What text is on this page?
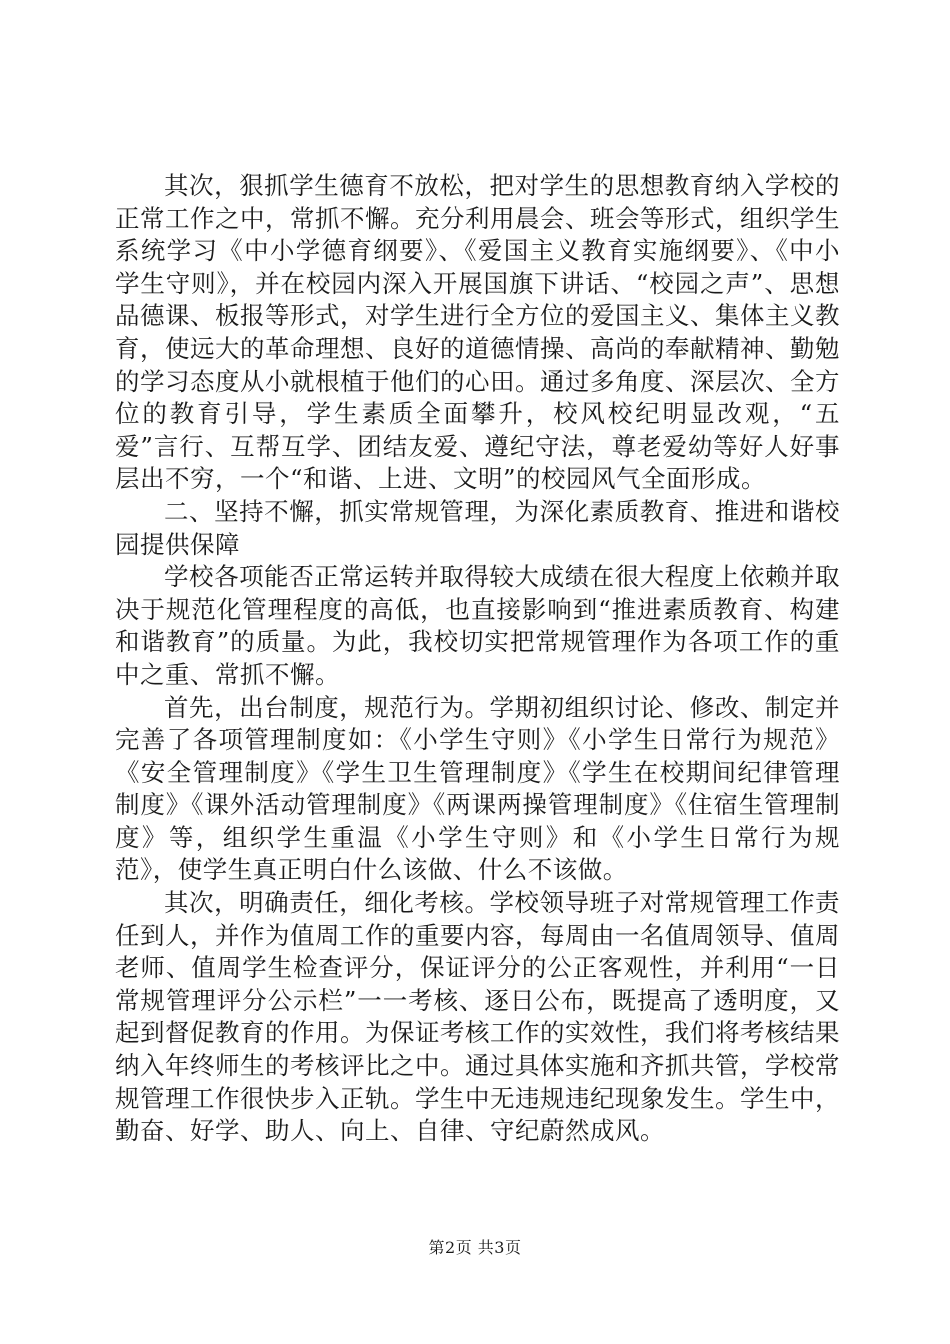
其次，狠抓学生德育不放松，把对学生的思想教育纳入学校的正常工作之中，常抓不懈。充分利用晨会、班会等形式，组织学生系统学习《中小学德育纲要》、《爱国主义教育实施纲要》、《中小学生守则》，并在校园内深入开展国旗下讲话、“校园之声”、思想品德课、板报等形式，对学生进行全方位的爱国主义、集体主义教育，使远大的革命理想、良好的道德情操、高尚的奉献精神、勤勉的学习态度从小就根植于他们的心田。通过多角度、深层次、全方位的教育引导，学生素质全面攀升，校风校纪明显改观，“五爱”言行、互帮互学、团结友爱、遵纪守法，尊老爱幼等好人好事层出不穷，一个“和谐、上进、文明”的校园风气全面形成。

二、坚持不懈，抓实常规管理，为深化素质教育、推进和谐校园提供保障

学校各项能否正常运转并取得较大成绩在很大程度上依赖并取决于规范化管理程度的高低，也直接影响到“推进素质教育、构建和谐教育”的质量。为此，我校切实把常规管理作为各项工作的重中之重、常抓不懈。

首先，出台制度，规范行为。学期初组织讨论、修改、制定并完善了各项管理制度如：《小学生守则》《小学生日常行为规范》《安全管理制度》《学生卫生管理制度》《学生在校期间纪律管理制度》《课外活动管理制度》《两课两操管理制度》《住宿生管理制度》等，组织学生重温《小学生守则》和《小学生日常行为规范》，使学生真正明白什么该做、什么不该做。

其次，明确责任，细化考核。学校领导班子对常规管理工作责任到人，并作为值周工作的重要内容，每周由一名值周领导、值周老师、值周学生检查评分，保证评分的公正客观性，并利用“一日常规管理评分公示栏”一一考核、逐日公布，既提高了透明度，又起到督促教育的作用。为保证考核工作的实效性，我们将考核结果纳入年终师生的考核评比之中。通过具体实施和齐抓共管，学校常规管理工作很快步入正轨。学生中无违规违纪现象发生。学生中，勤奋、好学、助人、向上、自律、守纪蔚然成风。

第2页 共3页
